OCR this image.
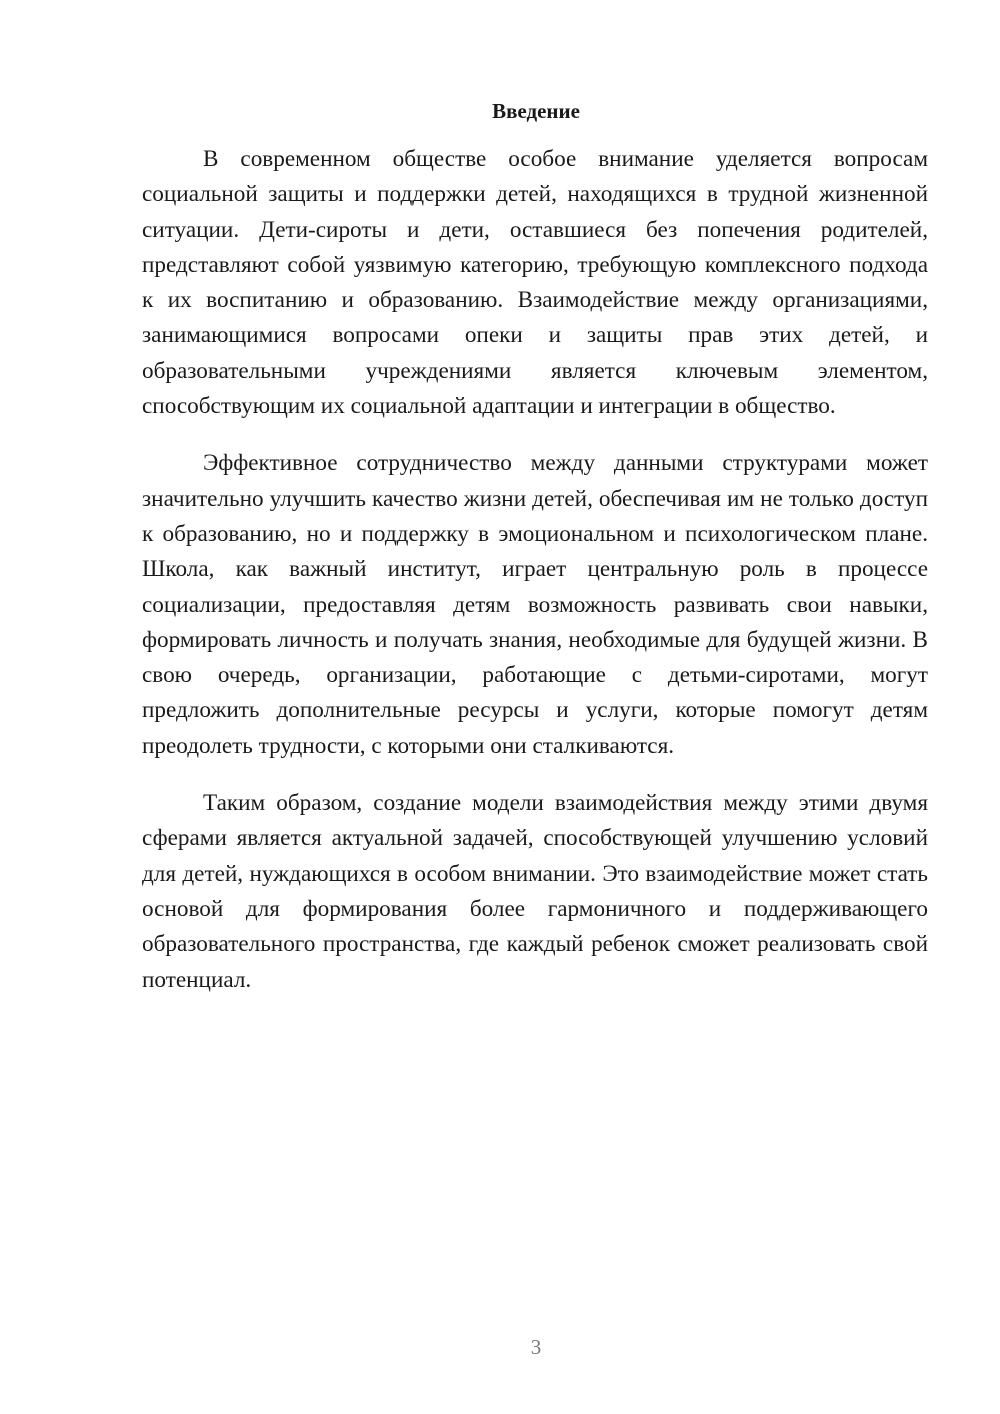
Введение

В современном обществе особое внимание уделяется вопросам социальной защиты и поддержки детей, находящихся в трудной жизненной ситуации. Дети-сироты и дети, оставшиеся без попечения родителей, представляют собой уязвимую категорию, требующую комплексного подхода к их воспитанию и образованию. Взаимодействие между организациями, занимающимися вопросами опеки и защиты прав этих детей, и образовательными учреждениями является ключевым элементом, способствующим их социальной адаптации и интеграции в общество.

Эффективное сотрудничество между данными структурами может значительно улучшить качество жизни детей, обеспечивая им не только доступ к образованию, но и поддержку в эмоциональном и психологическом плане. Школа, как важный институт, играет центральную роль в процессе социализации, предоставляя детям возможность развивать свои навыки, формировать личность и получать знания, необходимые для будущей жизни. В свою очередь, организации, работающие с детьми-сиротами, могут предложить дополнительные ресурсы и услуги, которые помогут детям преодолеть трудности, с которыми они сталкиваются.

Таким образом, создание модели взаимодействия между этими двумя сферами является актуальной задачей, способствующей улучшению условий для детей, нуждающихся в особом внимании. Это взаимодействие может стать основой для формирования более гармоничного и поддерживающего образовательного пространства, где каждый ребенок сможет реализовать свой потенциал.

3
